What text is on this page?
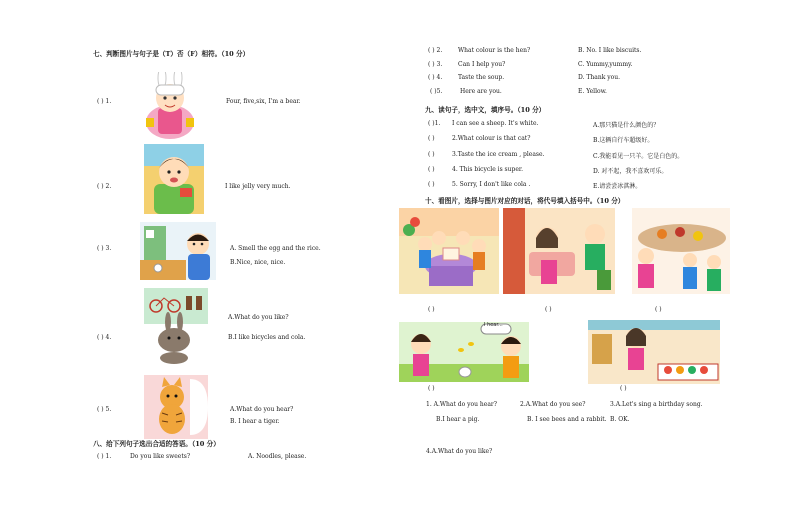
七、判断图片与句子是（T）否（F）相符。（10 分）
( ) 1.	Four, five,six, I'm a bear.
( ) 2.	I like jelly very much.
( ) 3.	A. Smell the egg and the rice.
B.Nice, nice, nice.
( ) 4.
A.What do you like?
B.I like bicycles and cola.
( ) 5.	A.What do you hear?
B. I hear a tiger.
八、给下列句子选出合适的答语。（10 分）
( ) 1.	Do you like sweets?	A. Noodles, please.
( ) 2.	What colour is the hen?	B. No. I like biscuits.
( ) 3.	Can I help you?	C. Yummy,yummy.
( ) 4.	Taste the soup.	D. Thank you.
( )5.	Here are you.	E. Yellow.
九、读句子，选中文，填序号。（10 分）
( )1. I can see a sheep. It's white.	A.那只猫是什么颜色的？
( )	2.What colour is that cat?	B.这辆自行车超级好。
( )	3.Taste the ice cream , please.	C.我能看见一只羊。它是白色的。
( )	4. This bicycle is super.	D. 对不起，我不喜欢可乐。
( )	5. Sorry, I don't like cola .	E.请尝尝冰淇淋。
十、看图片，选择与图片对应的对话，将代号填入括号中。（10 分）
( )	( )	( )
I hear...
( )	( )
1. A.What do you hear?
B.I hear a pig.
2.A.What do you see?
B. I see bees and a rabbit.
3.A.Let's sing a birthday song.
B. OK.
4.A.What do you like?
